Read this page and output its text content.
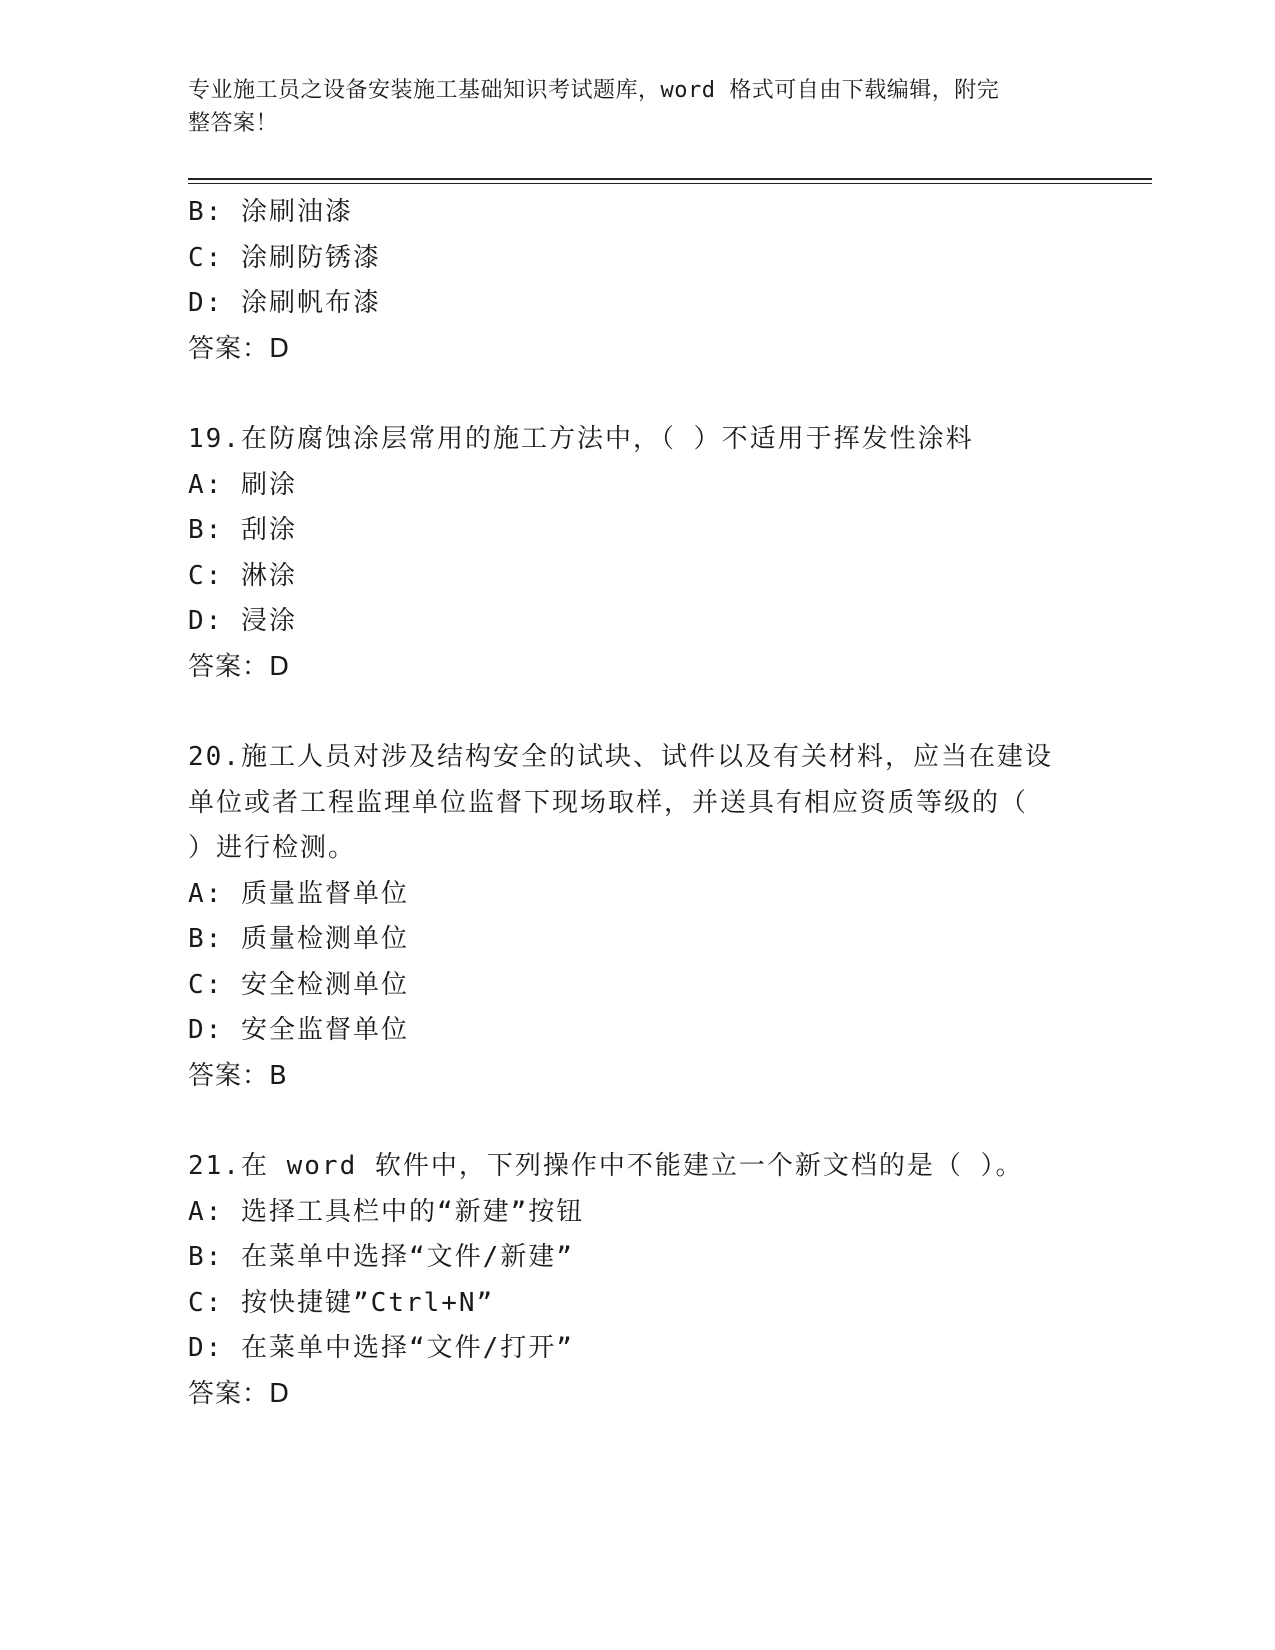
专业施工员之设备安装施工基础知识考试题库，word 格式可自由下载编辑，附完
整答案！
B: 涂刷油漆
C: 涂刷防锈漆
D: 涂刷帆布漆
答案：D
19.在防腐蚀涂层常用的施工方法中，（ ）不适用于挥发性涂料
A: 刷涂
B: 刮涂
C: 淋涂
D: 浸涂
答案：D
20.施工人员对涉及结构安全的试块、试件以及有关材料，应当在建设
单位或者工程监理单位监督下现场取样，并送具有相应资质等级的（
）进行检测。
A: 质量监督单位
B: 质量检测单位
C: 安全检测单位
D: 安全监督单位
答案：B
21.在 word 软件中，下列操作中不能建立一个新文档的是（ ）。
A: 选择工具栏中的“新建”按钮
B: 在菜单中选择“文件/新建”
C: 按快捷键”Ctrl+N”
D: 在菜单中选择“文件/打开”
答案：D
